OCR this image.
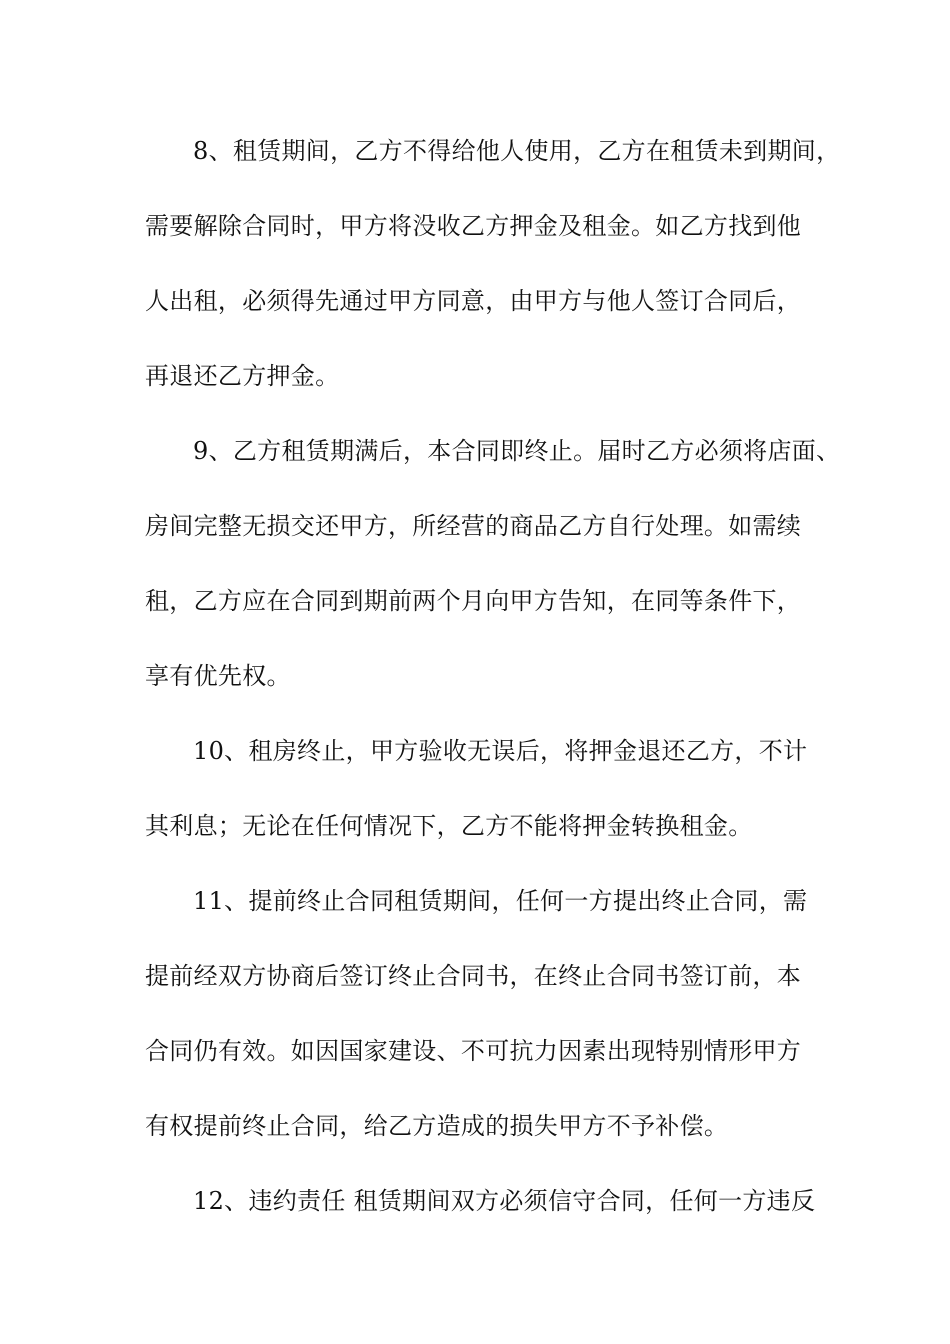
8、租赁期间，乙方不得给他人使用，乙方在租赁未到期间，
需要解除合同时，甲方将没收乙方押金及租金。如乙方找到他
人出租，必须得先通过甲方同意，由甲方与他人签订合同后，
再退还乙方押金。
9、乙方租赁期满后，本合同即终止。届时乙方必须将店面、
房间完整无损交还甲方，所经营的商品乙方自行处理。如需续
租，乙方应在合同到期前两个月向甲方告知，在同等条件下，
享有优先权。
10、租房终止，甲方验收无误后，将押金退还乙方，不计
其利息；无论在任何情况下，乙方不能将押金转换租金。
11、提前终止合同租赁期间，任何一方提出终止合同，需
提前经双方协商后签订终止合同书，在终止合同书签订前，本
合同仍有效。如因国家建设、不可抗力因素出现特别情形甲方
有权提前终止合同，给乙方造成的损失甲方不予补偿。
12、违约责任 租赁期间双方必须信守合同，任何一方违反
